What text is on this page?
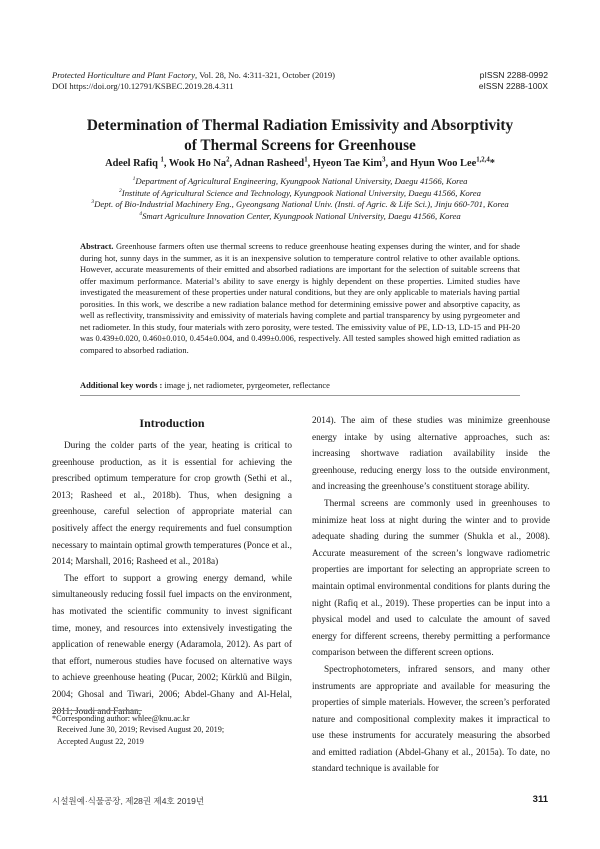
Protected Horticulture and Plant Factory, Vol. 28, No. 4:311-321, October (2019)
DOI https://doi.org/10.12791/KSBEC.2019.28.4.311
pISSN 2288-0992
eISSN 2288-100X
Determination of Thermal Radiation Emissivity and Absorptivity
of Thermal Screens for Greenhouse
Adeel Rafiq $^1$, Wook Ho Na$^2$, Adnan Rasheed$^1$, Hyeon Tae Kim$^3$, and Hyun Woo Lee$^{1,2,4}$*
$^1$Department of Agricultural Engineering, Kyungpook National University, Daegu 41566, Korea
$^2$Institute of Agricultural Science and Technology, Kyungpook National University, Daegu 41566, Korea
$^3$Dept. of Bio-Industrial Machinery Eng., Gyeongsang National Univ. (Insti. of Agric. & Life Sci.), Jinju 660-701, Korea
$^4$Smart Agriculture Innovation Center, Kyungpook National University, Daegu 41566, Korea
Abstract. Greenhouse farmers often use thermal screens to reduce greenhouse heating expenses during the winter, and for shade during hot, sunny days in the summer, as it is an inexpensive solution to temperature control relative to other available options. However, accurate measurements of their emitted and absorbed radiations are important for the selection of suitable screens that offer maximum performance. Material’s ability to save energy is highly dependent on these properties. Limited studies have investigated the measurement of these properties under natural conditions, but they are only applicable to materials having partial porosities. In this work, we describe a new radiation balance method for determining emissive power and absorptive capacity, as well as reflectivity, transmissivity and emissivity of materials having complete and partial transparency by using pyrgeometer and net radiometer. In this study, four materials with zero porosity, were tested. The emissivity value of PE, LD-13, LD-15 and PH-20 was 0.439±0.020, 0.460±0.010, 0.454±0.004, and 0.499±0.006, respectively. All tested samples showed high emitted radiation as compared to absorbed radiation.
Additional key words : image j, net radiometer, pyrgeometer, reflectance

Introduction

During the colder parts of the year, heating is critical to greenhouse production, as it is essential for achieving the prescribed optimum temperature for crop growth (Sethi et al., 2013; Rasheed et al., 2018b). Thus, when designing a greenhouse, careful selection of appropriate material can positively affect the energy requirements and fuel consumption necessary to maintain optimal growth temperatures (Ponce et al., 2014; Marshall, 2016; Rasheed et al., 2018a)

The effort to support a growing energy demand, while simultaneously reducing fossil fuel impacts on the environment, has motivated the scientific community to invest significant time, money, and resources into extensively investigating the application of renewable energy (Adaramola, 2012). As part of that effort, numerous studies have focused on alternative ways to achieve greenhouse heating (Pucar, 2002; Kürklü and Bilgin, 2004; Ghosal and Tiwari, 2006; Abdel-Ghany and Al-Helal, 2011; Joudi and Farhan,

2014). The aim of these studies was minimize greenhouse energy intake by using alternative approaches, such as: increasing shortwave radiation availability inside the greenhouse, reducing energy loss to the outside environment, and increasing the greenhouse’s constituent storage ability.

Thermal screens are commonly used in greenhouses to minimize heat loss at night during the winter and to provide adequate shading during the summer (Shukla et al., 2008). Accurate measurement of the screen’s longwave radiometric properties are important for selecting an appropriate screen to maintain optimal environmental conditions for plants during the night (Rafiq et al., 2019). These properties can be input into a physical model and used to calculate the amount of saved energy for different screens, thereby permitting a performance comparison between the different screen options.

Spectrophotometers, infrared sensors, and many other instruments are appropriate and available for measuring the properties of simple materials. However, the screen’s perforated nature and compositional complexity makes it impractical to use these instruments for accurately measuring the absorbed and emitted radiation (Abdel-Ghany et al., 2015a). To date, no standard technique is available for

*Corresponding author: whlee@knu.ac.kr
Received June 30, 2019; Revised August 20, 2019;
Accepted August 22, 2019
시설원예·식물공장, 제28권 제4호 2019년	311
